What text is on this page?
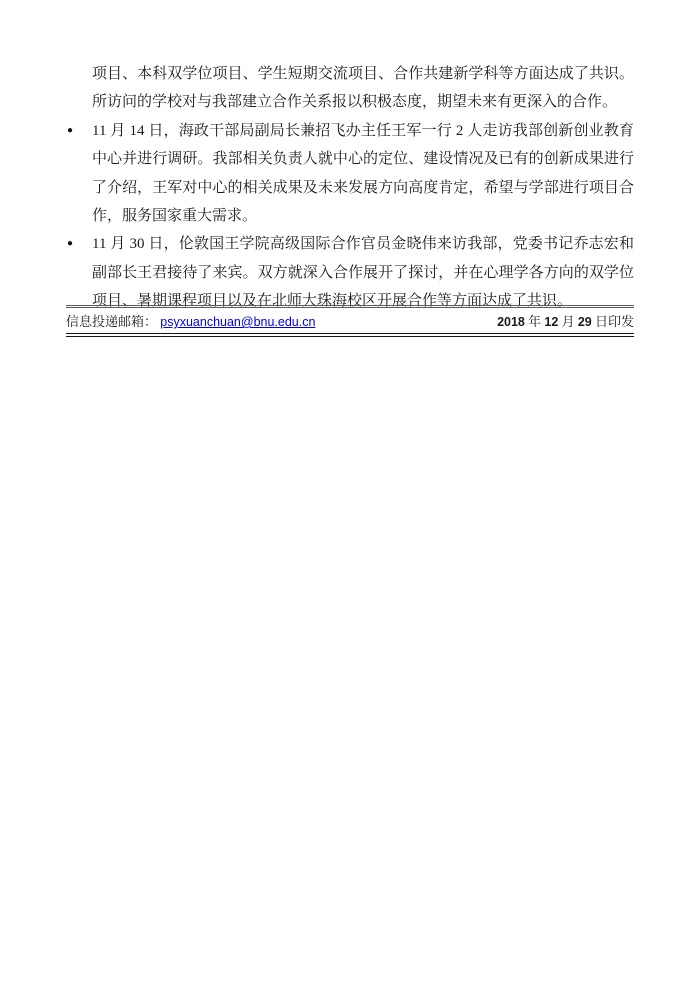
项目、本科双学位项目、学生短期交流项目、合作共建新学科等方面达成了共识。所访问的学校对与我部建立合作关系报以积极态度，期望未来有更深入的合作。

●	11 月 14 日，海政干部局副局长兼招飞办主任王军一行 2 人走访我部创新创业教育中心并进行调研。我部相关负责人就中心的定位、建设情况及已有的创新成果进行了介绍，王军对中心的相关成果及未来发展方向高度肯定，希望与学部进行项目合作，服务国家重大需求。
●	11 月 30 日，伦敦国王学院高级国际合作官员金晓伟来访我部，党委书记乔志宏和副部长王君接待了来宾。双方就深入合作展开了探讨，并在心理学各方向的双学位项目、暑期课程项目以及在北师大珠海校区开展合作等方面达成了共识。
信息投递邮箱： psyxuanchuan@bnu.edu.cn	2018 年 12 月 29 日印发
